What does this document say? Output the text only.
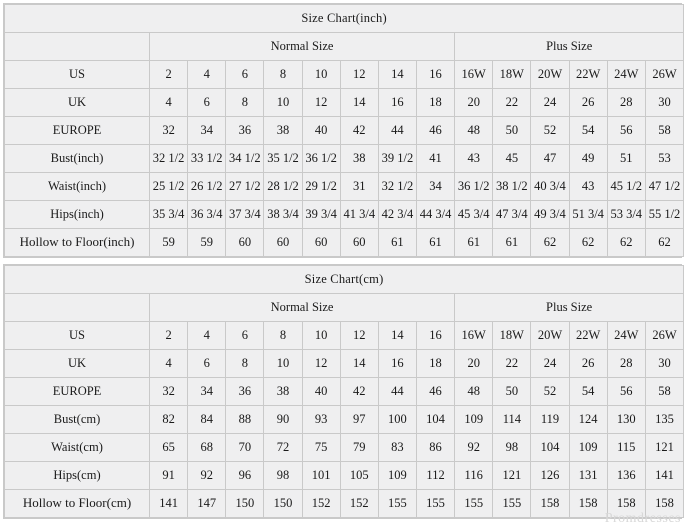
Size Chart(inch)														
	Normal Size								Plus Size					
US	2	4	6	8	10	12	14	16	16W	18W	20W	22W	24W	26W
UK	4	6	8	10	12	14	16	18	20	22	24	26	28	30
EUROPE	32	34	36	38	40	42	44	46	48	50	52	54	56	58
Bust(inch)	32 1/2	33 1/2	34 1/2	35 1/2	36 1/2	38	39 1/2	41	43	45	47	49	51	53
Waist(inch)	25 1/2	26 1/2	27 1/2	28 1/2	29 1/2	31	32 1/2	34	36 1/2	38 1/2	40 3/4	43	45 1/2	47 1/2
Hips(inch)	35 3/4	36 3/4	37 3/4	38 3/4	39 3/4	41 3/4	42 3/4	44 3/4	45 3/4	47 3/4	49 3/4	51 3/4	53 3/4	55 1/2
Hollow to Floor(inch)	59	59	60	60	60	60	61	61	61	61	62	62	62	62
Size Chart(cm)														
	Normal Size								Plus Size					
US	2	4	6	8	10	12	14	16	16W	18W	20W	22W	24W	26W
UK	4	6	8	10	12	14	16	18	20	22	24	26	28	30
EUROPE	32	34	36	38	40	42	44	46	48	50	52	54	56	58
Bust(cm)	82	84	88	90	93	97	100	104	109	114	119	124	130	135
Waist(cm)	65	68	70	72	75	79	83	86	92	98	104	109	115	121
Hips(cm)	91	92	96	98	101	105	109	112	116	121	126	131	136	141
Hollow to Floor(cm)	141	147	150	150	152	152	155	155	155	155	158	158	158	158
Promdresses
